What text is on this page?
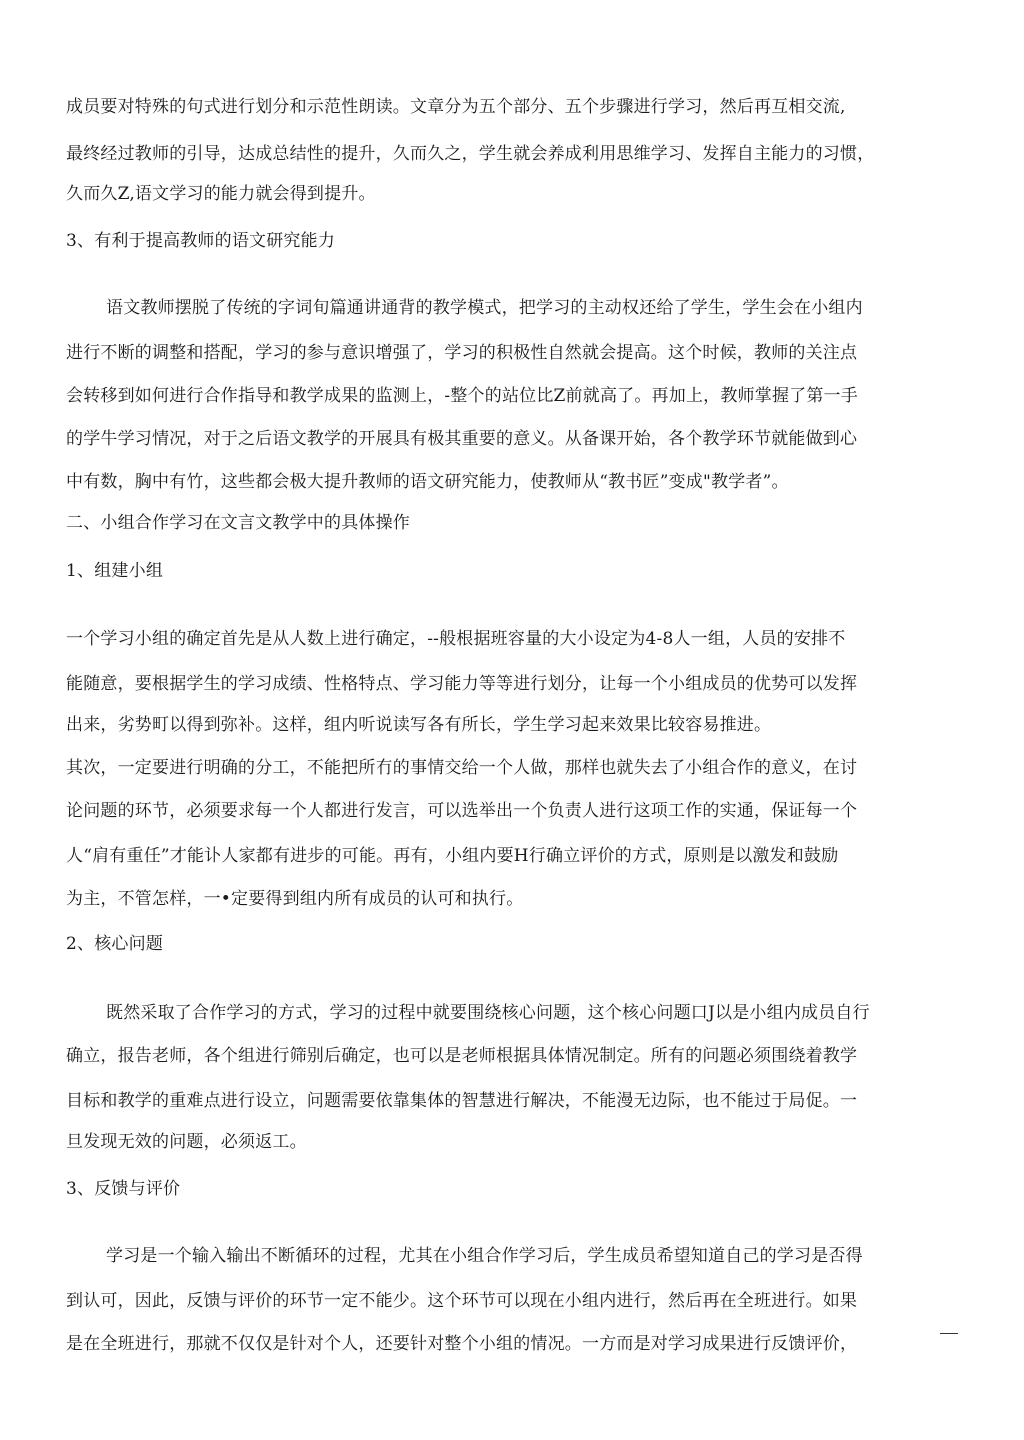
成员要对特殊的句式进行划分和示范性朗读。文章分为五个部分、五个步骤进行学习，然后再互相交流,
最终经过教师的引导，达成总结性的提升，久而久之，学生就会养成利用思维学习、发挥自主能力的习惯，
久而久Z,语文学习的能力就会得到提升。
3、有利于提高教师的语文研究能力
语文教师摆脱了传统的字词旬篇通讲通背的教学模式，把学习的主动权还给了学生，学生会在小组内
进行不断的调整和搭配，学习的参与意识增强了，学习的积极性自然就会提高。这个时候，教师的关注点
会转移到如何进行合作指导和教学成果的监测上，-整个的站位比Z前就高了。再加上，教师掌握了第一手
的学牛学习情况，对于之后语文教学的开展具有极其重要的意义。从备课开始，各个教学环节就能做到心
中有数，胸中有竹，这些都会极大提升教师的语文研究能力，使教师从“教书匠”变成"教学者”。
二、小组合作学习在文言文教学中的具体操作
1、组建小组
一个学习小组的确定首先是从人数上进行确定，--般根据班容量的大小设定为4-8人一组，人员的安排不
能随意，要根据学生的学习成绩、性格特点、学习能力等等进行划分，让每一个小组成员的优势可以发挥
出来，劣势町以得到弥补。这样，组内听说读写各有所长，学生学习起来效果比较容易推进。
其次，一定要进行明确的分工，不能把所冇的事情交给一个人做，那样也就失去了小组合作的意义，在讨
论问题的环节，必须要求每一个人都进行发言，可以选举出一个负责人进行这项工作的实通，保证每一个
人“肩有重任”才能讣人家都有进步的可能。再有，小组内要H行确立评价的方式，原则是以激发和鼓励
为主，不管怎样，一•定要得到组内所有成员的认可和执行。
2、核心问题
既然采取了合作学习的方式，学习的过程中就要围绕核心问题，这个核心问题口J以是小组内成员自行
确立，报告老师，各个组进行筛别后确定，也可以是老师根据具体情况制定。所有的问题必须围绕着教学
目标和教学的重难点进行设立，问题需要依靠集体的智慧进行解决，不能漫无边际，也不能过于局促。一
旦发现无效的问题，必须返工。
3、反馈与评价
学习是一个输入输出不断循环的过程，尤其在小组合作学习后，学生成员希望知道自己的学习是否得
到认可，因此，反馈与评价的环节一定不能少。这个环节可以现在小组内进行，然后再在全班进行。如果
是在全班进行，那就不仅仅是针对个人，还要针对整个小组的情况。一方而是对学习成果进行反馈评价，
